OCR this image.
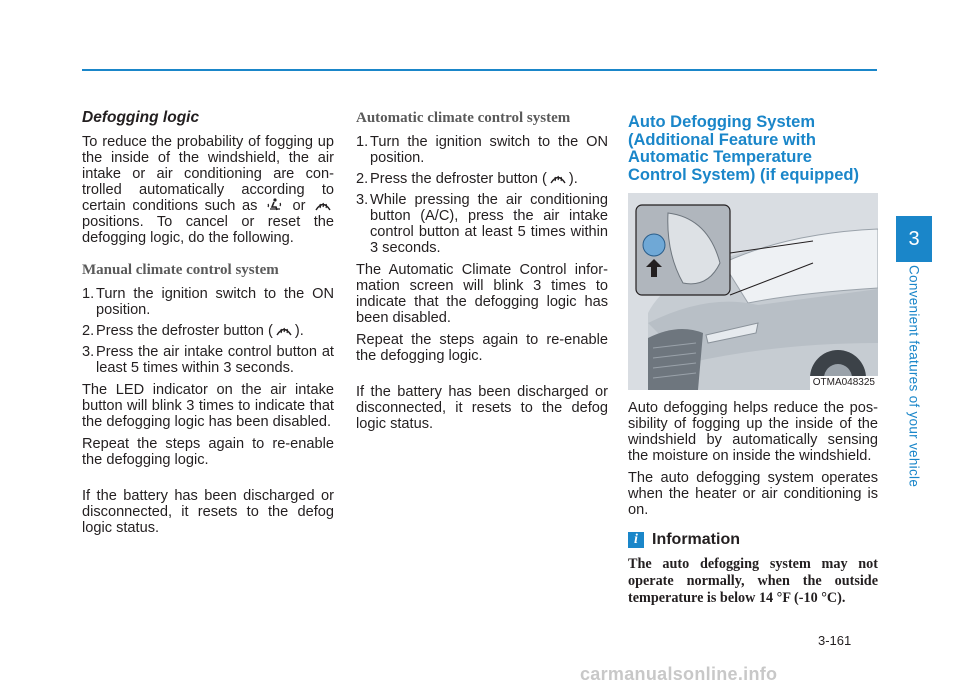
Defogging logic

To reduce the probability of fogging up the inside of the windshield, the air intake or air conditioning are con-trolled automatically according to certain conditions such as or
positions. To cancel or reset the defogging logic, do the following.

Manual climate control system
1. Turn the ignition switch to the ON position.
2. Press the defroster button ( ).
3. Press the air intake control button at least 5 times within 3 seconds.

The LED indicator on the air intake button will blink 3 times to indicate that the defogging logic has been disabled.

Repeat the steps again to re-enable the defogging logic.

If the battery has been discharged or disconnected, it resets to the defog logic status.

Automatic climate control system
1. Turn the ignition switch to the ON position.
2. Press the defroster button ( ).
3. While pressing the air conditioning button (A/C), press the air intake control button at least 5 times within 3 seconds.

The Automatic Climate Control infor-mation screen will blink 3 times to indicate that the defogging logic has been disabled.

Repeat the steps again to re-enable the defogging logic.

If the battery has been discharged or disconnected, it resets to the defog logic status.

Auto Defogging System
(Additional Feature with
Automatic Temperature
Control System) (if equipped)
OTMA048325

Auto defogging helps reduce the pos-sibility of fogging up the inside of the windshield by automatically sensing the moisture on inside the windshield.

The auto defogging system operates when the heater or air conditioning is on.

i Information

The auto defogging system may not operate normally, when the outside temperature is below 14 °F (-10 °C).

3
Convenient features of your vehicle
3-161
carmanualsonline.info
